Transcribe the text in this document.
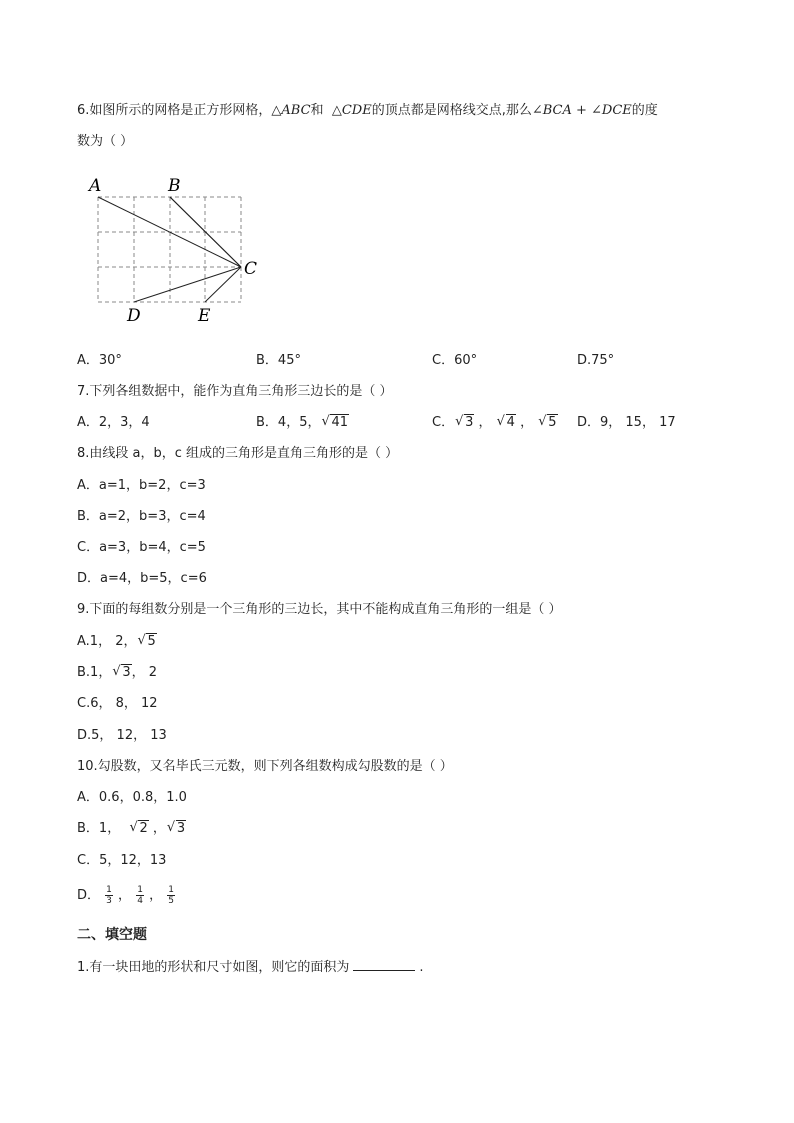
6.如图所示的网格是正方形网格，△ABC和 △CDE的顶点都是网格线交点,那么∠BCA + ∠DCE的度
数为（ ）
A	B
C
D	E
A．30°	B．45°	C．60°	D.75°
7.下列各组数据中，能作为直角三角形三边长的是（ ）
A．2，3，4	B．4，5， √ 41	C． √ 3 ， √ 4 ， √ 5 D．9， 15， 17
8.由线段 a，b，c 组成的三角形是直角三角形的是（ ）
A．a=1，b=2，c=3
B．a=2，b=3，c=4
C．a=3，b=4，c=5
D．a=4，b=5，c=6
9.下面的每组数分别是一个三角形的三边长，其中不能构成直角三角形的一组是（ ）
A.1， 2， √ 5
B.1， √ 3， 2
C.6， 8， 12
D.5， 12， 13
10.勾股数，又名毕氏三元数，则下列各组数构成勾股数的是（ ）
A．0.6，0.8，1.0
B．1， √ 2 ， √ 3
C．5，12，13
D． $\frac{1}{3}$ ， $\frac{1}{4}$ ， $\frac{1}{5}$
二、填空题
1.有一块田地的形状和尺寸如图，则它的面积为	.
